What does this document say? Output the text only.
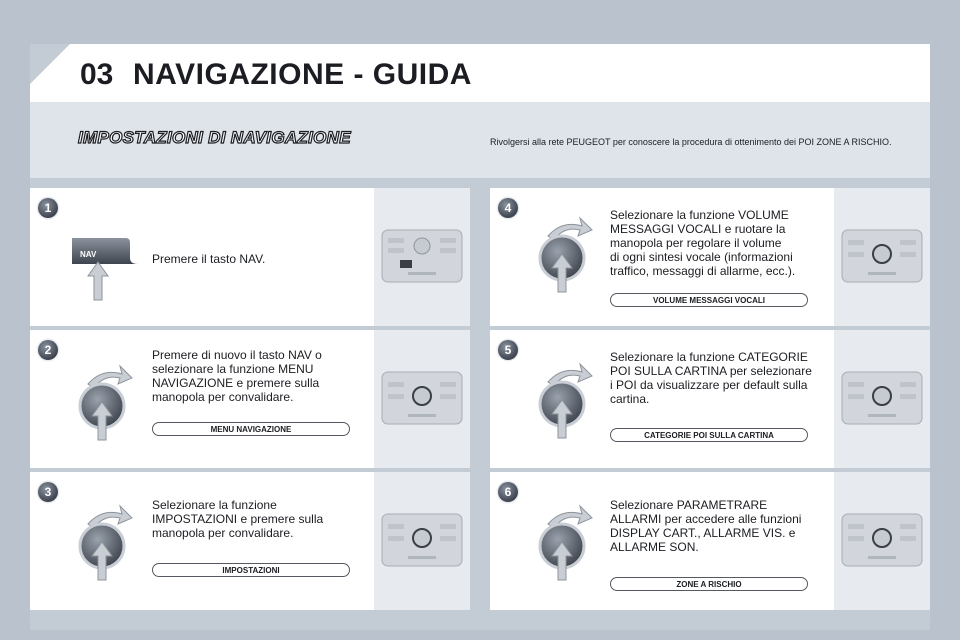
03 NAVIGAZIONE - GUIDA
IMPOSTAZIONI DI NAVIGAZIONE	Rivolgersi alla rete PEUGEOT per conoscere la procedura di ottenimento dei POI ZONE A RISCHIO.
1
NAV	Premere il tasto NAV.
2	Premere di nuovo il tasto NAV o
selezionare la funzione MENU
NAVIGAZIONE e premere sulla
manopola per convalidare.
MENU NAVIGAZIONE
3
Selezionare la funzione
IMPOSTAZIONI e premere sulla
manopola per convalidare.
IMPOSTAZIONI
4	Selezionare la funzione VOLUME
MESSAGGI VOCALI e ruotare la
manopola per regolare il volume
di ogni sintesi vocale (informazioni
traffico, messaggi di allarme, ecc.).
VOLUME MESSAGGI VOCALI
5	Selezionare la funzione CATEGORIE
POI SULLA CARTINA per selezionare
i POI da visualizzare per default sulla
cartina.
CATEGORIE POI SULLA CARTINA
6
Selezionare PARAMETRARE
ALLARMI per accedere alle funzioni
DISPLAY CART., ALLARME VIS. e
ALLARME SON.
ZONE A RISCHIO
